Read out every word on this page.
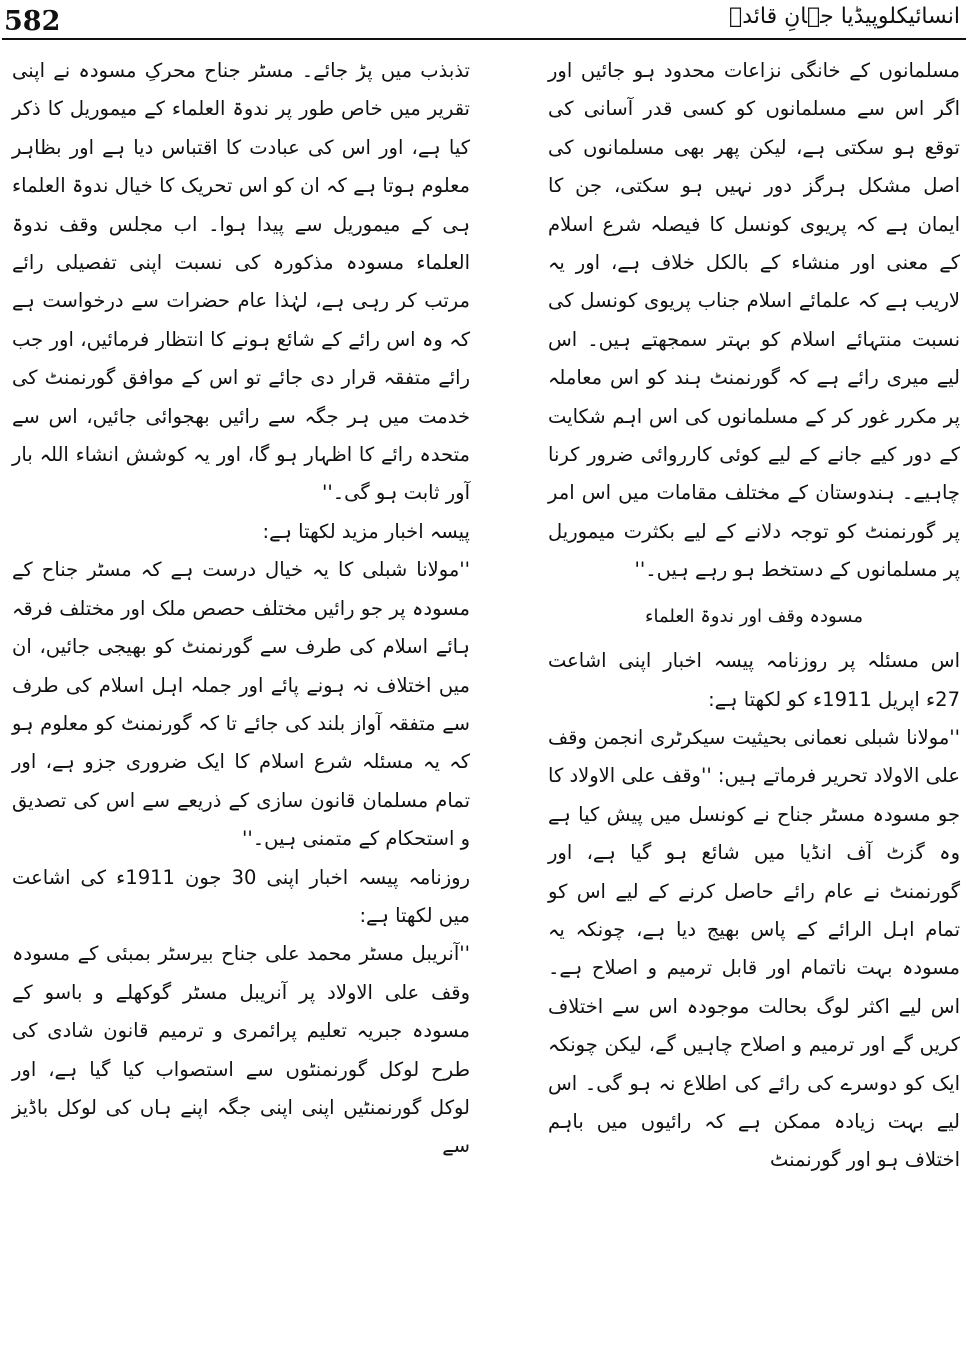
582	انسائیکلوپیڈیا جہانِ قائدؒ

مسلمانوں کے خانگی نزاعات محدود ہو جائیں اور اگر اس سے مسلمانوں کو کسی قدر آسانی کی توقع ہو سکتی ہے، لیکن پھر بھی مسلمانوں کی اصل مشکل ہرگز دور نہیں ہو سکتی، جن کا ایمان ہے کہ پریوی کونسل کا فیصلہ شرع اسلام کے معنی اور منشاء کے بالکل خلاف ہے، اور یہ لاریب ہے کہ علمائے اسلام جناب پریوی کونسل کی نسبت منتہائے اسلام کو بہتر سمجھتے ہیں۔ اس لیے میری رائے ہے کہ گورنمنٹ ہند کو اس معاملہ پر مکرر غور کر کے مسلمانوں کی اس اہم شکایت کے دور کیے جانے کے لیے کوئی کارروائی ضرور کرنا چاہیے۔ ہندوستان کے مختلف مقامات میں اس امر پر گورنمنٹ کو توجہ دلانے کے لیے بکثرت میموریل پر مسلمانوں کے دستخط ہو رہے ہیں۔''

مسودہ وقف اور ندوۃ العلماء

اس مسئلہ پر روزنامہ پیسہ اخبار اپنی اشاعت 27ء اپریل 1911ء کو لکھتا ہے:

''مولانا شبلی نعمانی بحیثیت سیکرٹری انجمن وقف علی الاولاد تحریر فرماتے ہیں: ''وقف علی الاولاد کا جو مسودہ مسٹر جناح نے کونسل میں پیش کیا ہے وہ گزٹ آف انڈیا میں شائع ہو گیا ہے، اور گورنمنٹ نے عام رائے حاصل کرنے کے لیے اس کو تمام اہل الرائے کے پاس بھیج دیا ہے، چونکہ یہ مسودہ بہت ناتمام اور قابل ترمیم و اصلاح ہے۔ اس لیے اکثر لوگ بحالت موجودہ اس سے اختلاف کریں گے اور ترمیم و اصلاح چاہیں گے، لیکن چونکہ ایک کو دوسرے کی رائے کی اطلاع نہ ہو گی۔ اس لیے بہت زیادہ ممکن ہے کہ رائیوں میں باہم اختلاف ہو اور گورنمنٹ

تذبذب میں پڑ جائے۔ مسٹر جناح محرکِ مسودہ نے اپنی تقریر میں خاص طور پر ندوۃ العلماء کے میموریل کا ذکر کیا ہے، اور اس کی عبادت کا اقتباس دیا ہے اور بظاہر معلوم ہوتا ہے کہ ان کو اس تحریک کا خیال ندوۃ العلماء ہی کے میموریل سے پیدا ہوا۔ اب مجلس وقف ندوۃ العلماء مسودہ مذکورہ کی نسبت اپنی تفصیلی رائے مرتب کر رہی ہے، لہٰذا عام حضرات سے درخواست ہے کہ وہ اس رائے کے شائع ہونے کا انتظار فرمائیں، اور جب رائے متفقہ قرار دی جائے تو اس کے موافق گورنمنٹ کی خدمت میں ہر جگہ سے رائیں بھجوائی جائیں، اس سے متحدہ رائے کا اظہار ہو گا، اور یہ کوشش انشاء اللہ بار آور ثابت ہو گی۔''

پیسہ اخبار مزید لکھتا ہے:

''مولانا شبلی کا یہ خیال درست ہے کہ مسٹر جناح کے مسودہ پر جو رائیں مختلف حصص ملک اور مختلف فرقہ ہائے اسلام کی طرف سے گورنمنٹ کو بھیجی جائیں، ان میں اختلاف نہ ہونے پائے اور جملہ اہل اسلام کی طرف سے متفقہ آواز بلند کی جائے تا کہ گورنمنٹ کو معلوم ہو کہ یہ مسئلہ شرع اسلام کا ایک ضروری جزو ہے، اور تمام مسلمان قانون سازی کے ذریعے سے اس کی تصدیق و استحکام کے متمنی ہیں۔''

روزنامہ پیسہ اخبار اپنی 30 جون 1911ء کی اشاعت میں لکھتا ہے:

''آنریبل مسٹر محمد علی جناح بیرسٹر بمبئی کے مسودہ وقف علی الاولاد پر آنریبل مسٹر گوکھلے و باسو کے مسودہ جبریہ تعلیم پرائمری و ترمیم قانون شادی کی طرح لوکل گورنمنٹوں سے استصواب کیا گیا ہے، اور لوکل گورنمنٹیں اپنی اپنی جگہ اپنے ہاں کی لوکل باڈیز سے
